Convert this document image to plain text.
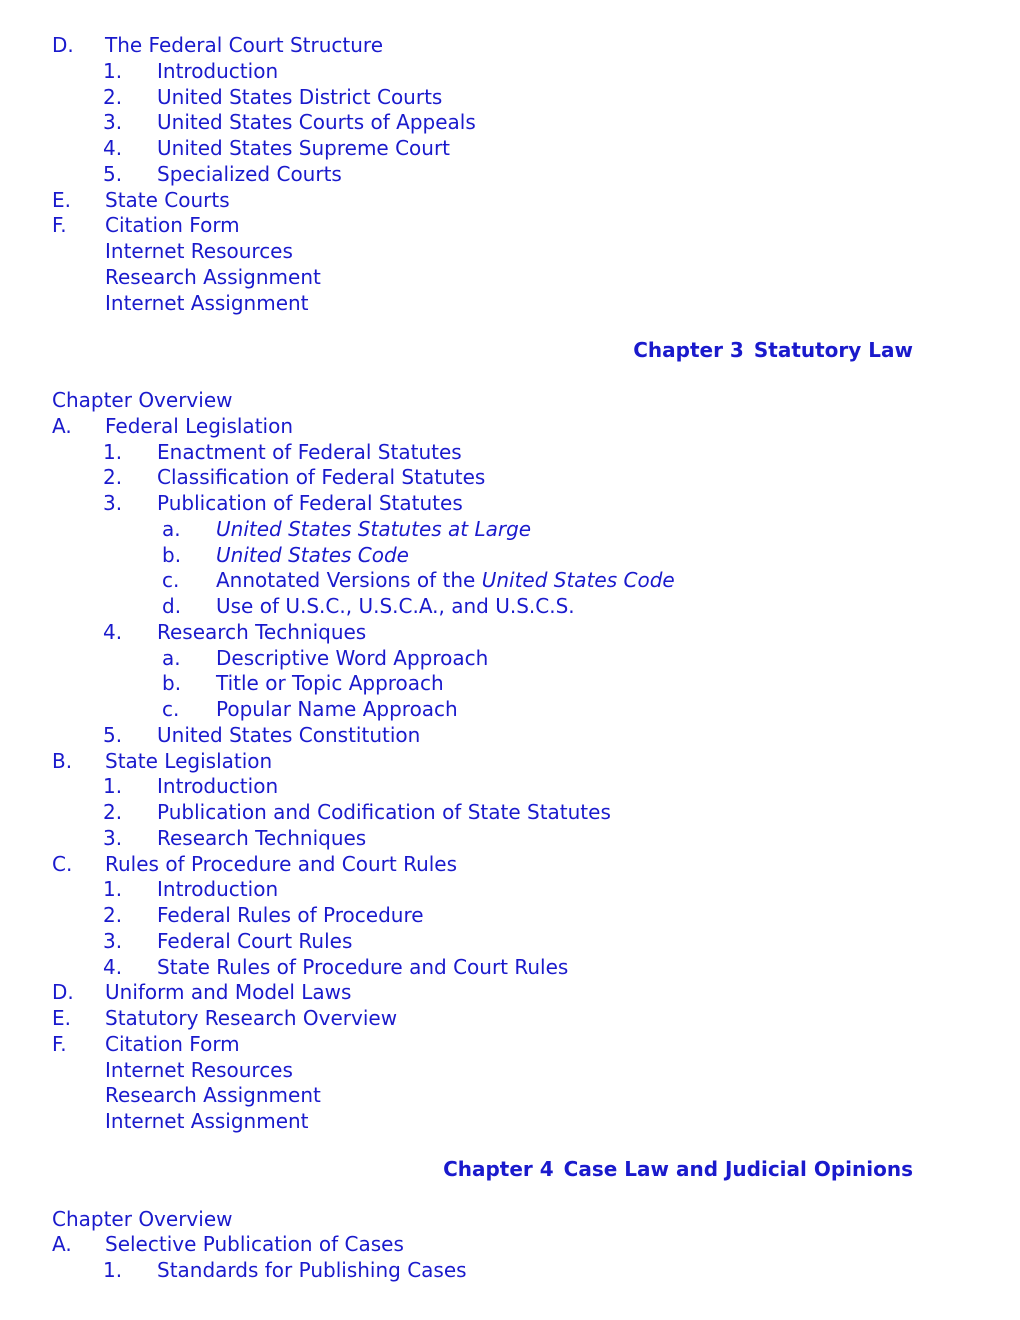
D. The Federal Court Structure
1. Introduction
2. United States District Courts
3. United States Courts of Appeals
4. United States Supreme Court
5. Specialized Courts
E. State Courts
F. Citation Form
Internet Resources
Research Assignment
Internet Assignment
Chapter 3 Statutory Law
Chapter Overview
A. Federal Legislation
1. Enactment of Federal Statutes
2. Classification of Federal Statutes
3. Publication of Federal Statutes
a. United States Statutes at Large
b. United States Code
c. Annotated Versions of the United States Code
d. Use of U.S.C., U.S.C.A., and U.S.C.S.
4. Research Techniques
a. Descriptive Word Approach
b. Title or Topic Approach
c. Popular Name Approach
5. United States Constitution
B. State Legislation
1. Introduction
2. Publication and Codification of State Statutes
3. Research Techniques
C. Rules of Procedure and Court Rules
1. Introduction
2. Federal Rules of Procedure
3. Federal Court Rules
4. State Rules of Procedure and Court Rules
D. Uniform and Model Laws
E. Statutory Research Overview
F. Citation Form
Internet Resources
Research Assignment
Internet Assignment
Chapter 4 Case Law and Judicial Opinions
Chapter Overview
A. Selective Publication of Cases
1. Standards for Publishing Cases
